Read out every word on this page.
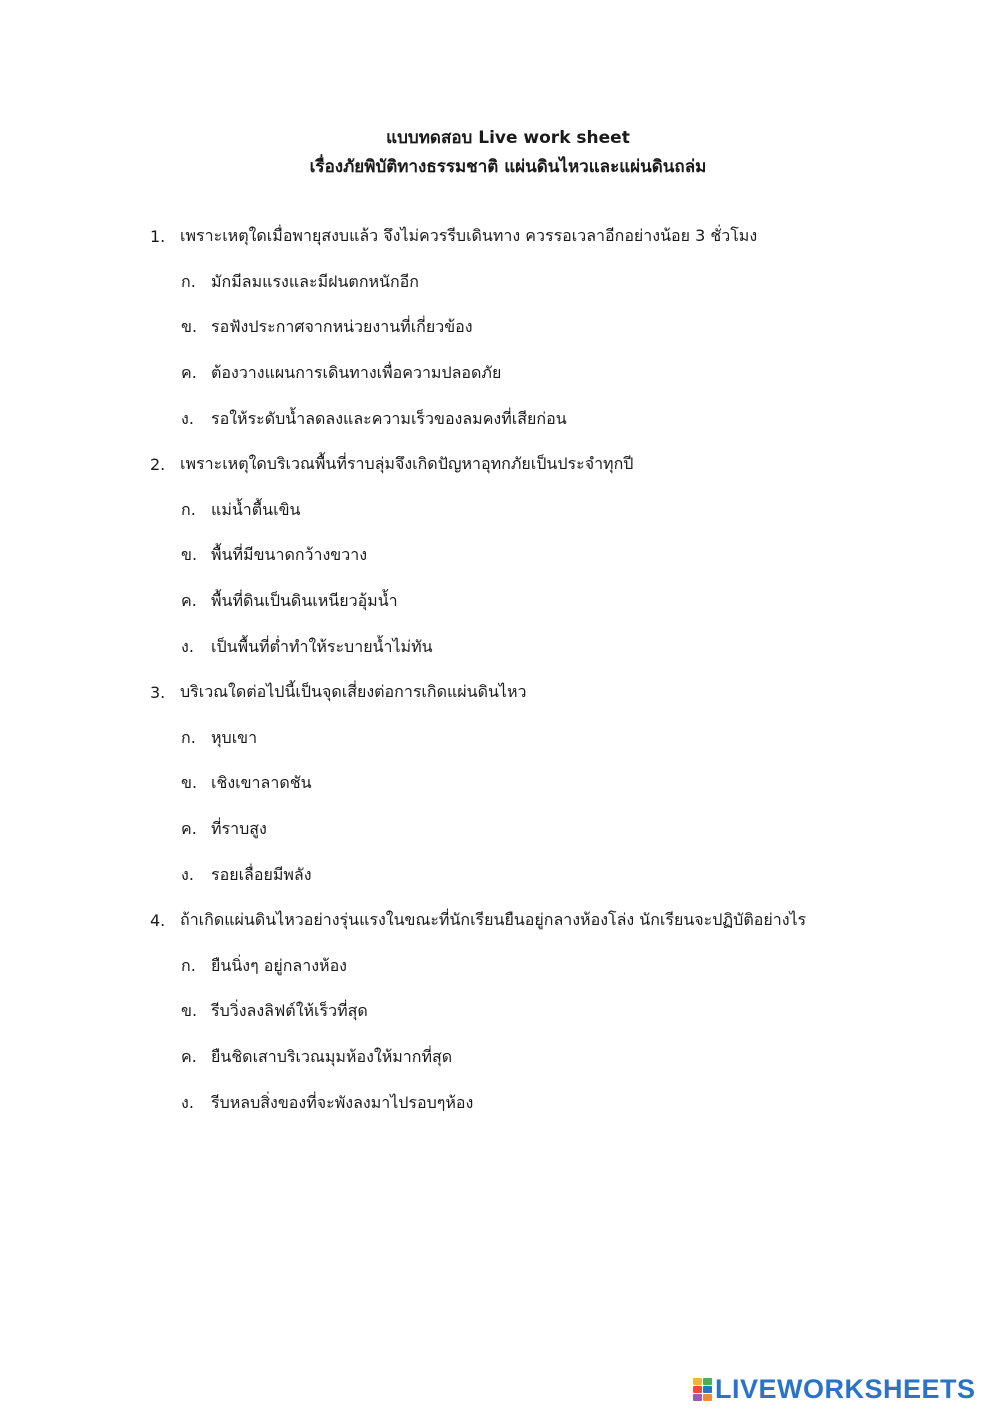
แบบทดสอบ Live work sheet
เรื่องภัยพิบัติทางธรรมชาติ แผ่นดินไหวและแผ่นดินถล่ม
1. เพราะเหตุใดเมื่อพายุสงบแล้ว จึงไม่ควรรีบเดินทาง ควรรอเวลาอีกอย่างน้อย 3 ชั่วโมง
ก. มักมีลมแรงและมีฝนตกหนักอีก
ข. รอฟังประกาศจากหน่วยงานที่เกี่ยวข้อง
ค. ต้องวางแผนการเดินทางเพื่อความปลอดภัย
ง.	รอให้ระดับน้ำลดลงและความเร็วของลมคงที่เสียก่อน
2. เพราะเหตุใดบริเวณพื้นที่ราบลุ่มจึงเกิดปัญหาอุทกภัยเป็นประจำทุกปี
ก. แม่น้ำตื้นเขิน
ข. พื้นที่มีขนาดกว้างขวาง
ค. พื้นที่ดินเป็นดินเหนียวอุ้มน้ำ
ง.	เป็นพื้นที่ต่ำทำให้ระบายน้ำไม่ทัน
3. บริเวณใดต่อไปนี้เป็นจุดเสี่ยงต่อการเกิดแผ่นดินไหว
ก. หุบเขา
ข. เชิงเขาลาดชัน
ค. ที่ราบสูง
ง.	รอยเลื่อยมีพลัง
4. ถ้าเกิดแผ่นดินไหวอย่างรุ่นแรงในขณะที่นักเรียนยืนอยู่กลางห้องโล่ง นักเรียนจะปฏิบัติอย่างไร
ก. ยืนนิ่งๆ อยู่กลางห้อง
ข. รีบวิ่งลงลิฟต์ให้เร็วที่สุด
ค. ยืนชิดเสาบริเวณมุมห้องให้มากที่สุด
ง.	รีบหลบสิ่งของที่จะพังลงมาไปรอบๆห้อง
LIVEWORKSHEETS
